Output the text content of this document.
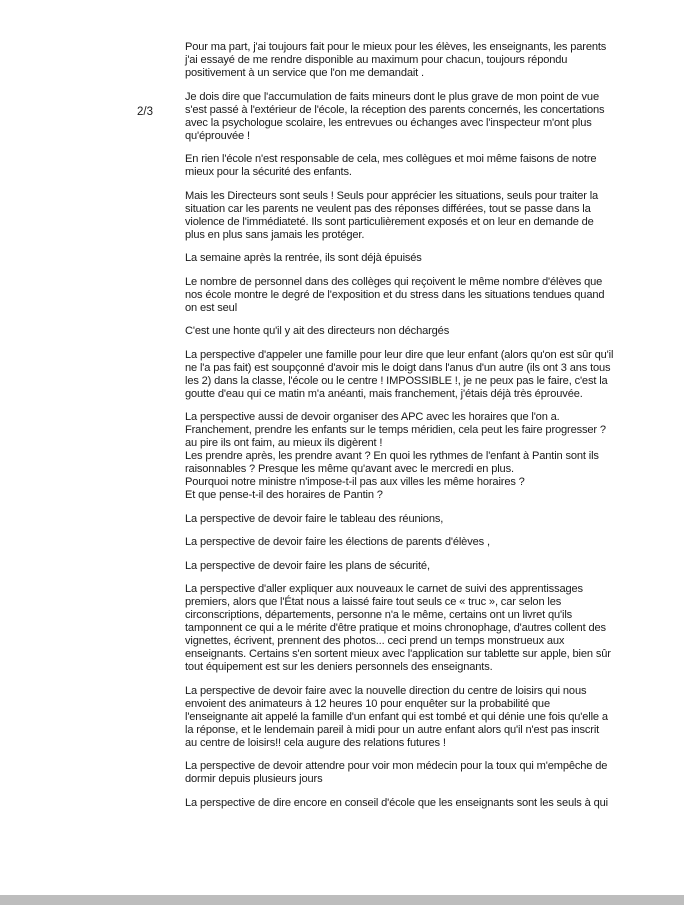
2/3
Pour ma part, j'ai toujours fait pour le mieux pour les élèves, les enseignants, les parents
j'ai essayé de me rendre disponible au maximum pour chacun, toujours répondu
positivement à un service que l'on me demandait .
Je dois dire que l'accumulation de faits mineurs dont le plus grave de mon point de vue
s'est passé à l'extérieur de l'école, la réception des parents concernés, les concertations
avec la psychologue scolaire, les entrevues ou échanges avec l'inspecteur m'ont plus
qu'éprouvée !
En rien l'école n'est responsable de cela, mes collègues et moi même faisons de notre
mieux pour la sécurité des enfants.
Mais les Directeurs sont seuls ! Seuls pour apprécier les situations, seuls pour traiter la
situation car les parents ne veulent pas des réponses différées, tout se passe dans la
violence de l'immédiateté. Ils sont particulièrement exposés et on leur en demande de
plus en plus sans jamais les protéger.
La semaine après la rentrée, ils sont déjà épuisés
Le nombre de personnel dans des collèges qui reçoivent le même nombre d'élèves que
nos école montre le degré de l'exposition et du stress dans les situations tendues quand
on est seul
C'est une honte qu'il y ait des directeurs non déchargés
La perspective d'appeler une famille pour leur dire que leur enfant (alors qu'on est sûr qu'il
ne l'a pas fait) est soupçonné d'avoir mis le doigt dans l'anus d'un autre (ils ont 3 ans tous
les 2) dans la classe, l'école ou le centre ! IMPOSSIBLE !, je ne peux pas le faire, c'est la
goutte d'eau qui ce matin m'a anéanti, mais franchement, j'étais déjà très éprouvée.
La perspective aussi de devoir organiser des APC avec les horaires que l'on a.
Franchement, prendre les enfants sur le temps méridien, cela peut les faire progresser ?
au pire ils ont faim, au mieux ils digèrent !
Les prendre après, les prendre avant ? En quoi les rythmes de l'enfant à Pantin sont ils
raisonnables ? Presque les même qu'avant avec le mercredi en plus.
Pourquoi notre ministre n'impose-t-il pas aux villes les même horaires ?
Et que pense-t-il des horaires de Pantin ?
La perspective de devoir faire le tableau des réunions,
La perspective de devoir faire les élections de parents d'élèves ,
La perspective de devoir faire les plans de sécurité,
La perspective d'aller expliquer aux nouveaux le carnet de suivi des apprentissages
premiers, alors que l'État nous a laissé faire tout seuls ce « truc », car selon les
circonscriptions, départements, personne n'a le même, certains ont un livret qu'ils
tamponnent ce qui a le mérite d'être pratique et moins chronophage, d'autres collent des
vignettes, écrivent, prennent des photos... ceci prend un temps monstrueux aux
enseignants. Certains s'en sortent mieux avec l'application sur tablette sur apple, bien sûr
tout équipement est sur les deniers personnels des enseignants.
La perspective de devoir faire avec la nouvelle direction du centre de loisirs qui nous
envoient des animateurs à 12 heures 10 pour enquêter sur la probabilité que
l'enseignante ait appelé la famille d'un enfant qui est tombé et qui dénie une fois qu'elle a
la réponse, et le lendemain pareil à midi pour un autre enfant alors qu'il n'est pas inscrit
au centre de loisirs!! cela augure des relations futures !
La perspective de devoir attendre pour voir mon médecin pour la toux qui m'empêche de
dormir depuis plusieurs jours
La perspective de dire encore en conseil d'école que les enseignants sont les seuls à qui
